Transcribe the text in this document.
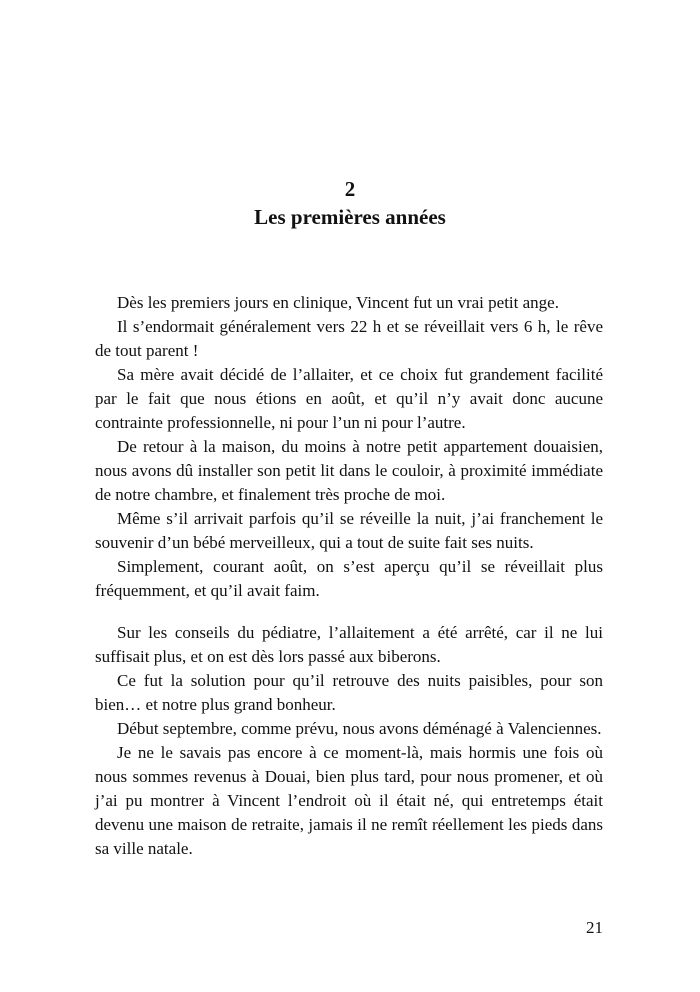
2
Les premières années

Dès les premiers jours en clinique, Vincent fut un vrai petit ange.

Il s’endormait généralement vers 22 h et se réveillait vers 6 h, le rêve de tout parent !

Sa mère avait décidé de l’allaiter, et ce choix fut grandement facilité par le fait que nous étions en août, et qu’il n’y avait donc aucune contrainte professionnelle, ni pour l’un ni pour l’autre.

De retour à la maison, du moins à notre petit appartement douaisien, nous avons dû installer son petit lit dans le couloir, à proximité immédiate de notre chambre, et finalement très proche de moi.

Même s’il arrivait parfois qu’il se réveille la nuit, j’ai franchement le souvenir d’un bébé merveilleux, qui a tout de suite fait ses nuits.

Simplement, courant août, on s’est aperçu qu’il se réveillait plus fréquemment, et qu’il avait faim.

Sur les conseils du pédiatre, l’allaitement a été arrêté, car il ne lui suffisait plus, et on est dès lors passé aux biberons.

Ce fut la solution pour qu’il retrouve des nuits paisibles, pour son bien… et notre plus grand bonheur.

Début septembre, comme prévu, nous avons déménagé à Valenciennes.

Je ne le savais pas encore à ce moment-là, mais hormis une fois où nous sommes revenus à Douai, bien plus tard, pour nous promener, et où j’ai pu montrer à Vincent l’endroit où il était né, qui entretemps était devenu une maison de retraite, jamais il ne remît réellement les pieds dans sa ville natale.

21
